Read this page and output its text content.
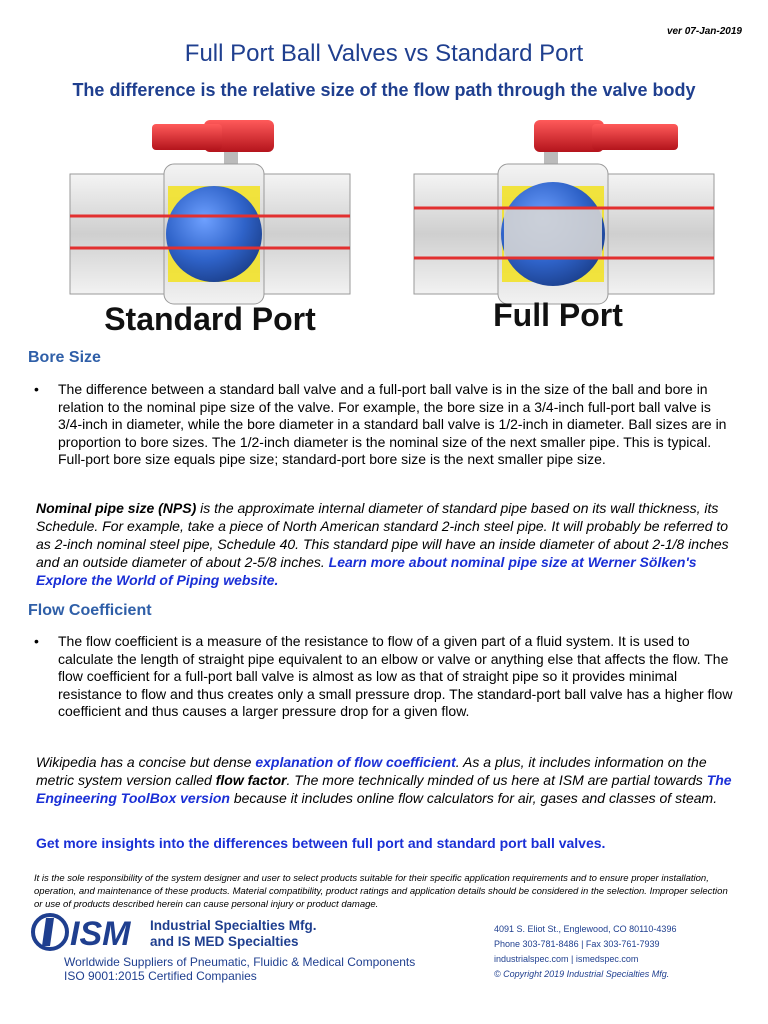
ver 07-Jan-2019
Full Port Ball Valves vs Standard Port
The difference is the relative size of the flow path through the valve body
Standard Port	Full Port
Bore Size
• The difference between a standard ball valve and a full-port ball valve is in the size of the ball and bore in relation to the nominal pipe size of the valve. For example, the bore size in a 3/4-inch full-port ball valve is 3/4-inch in diameter, while the bore diameter in a standard ball valve is 1/2-inch in diameter. Ball sizes are in proportion to bore sizes. The 1/2-inch diameter is the nominal size of the next smaller pipe. This is typical. Full-port bore size equals pipe size; standard-port bore size is the next smaller pipe size.
Nominal pipe size (NPS) is the approximate internal diameter of standard pipe based on its wall thickness, its Schedule. For example, take a piece of North American standard 2-inch steel pipe. It will probably be referred to as 2-inch nominal steel pipe, Schedule 40. This standard pipe will have an inside diameter of about 2-1/8 inches and an outside diameter of about 2-5/8 inches. Learn more about nominal pipe size at Werner Sölken's Explore the World of Piping website.
Flow Coefficient
• The flow coefficient is a measure of the resistance to flow of a given part of a fluid system. It is used to calculate the length of straight pipe equivalent to an elbow or valve or anything else that affects the flow. The flow coefficient for a full-port ball valve is almost as low as that of straight pipe so it provides minimal resistance to flow and thus creates only a small pressure drop. The standard-port ball valve has a higher flow coefficient and thus causes a larger pressure drop for a given flow.
Wikipedia has a concise but dense explanation of flow coefficient. As a plus, it includes information on the metric system version called flow factor. The more technically minded of us here at ISM are partial towards The Engineering ToolBox version because it includes online flow calculators for air, gases and classes of steam.
Get more insights into the differences between full port and standard port ball valves.
It is the sole responsibility of the system designer and user to select products suitable for their specific application requirements and to ensure proper installation, operation, and maintenance of these products. Material compatibility, product ratings and application details should be considered in the selection. Improper selection or use of products described herein can cause personal injury or product damage.
ISM Industrial Specialties Mfg.
and IS MED Specialties
Worldwide Suppliers of Pneumatic, Fluidic & Medical Components
ISO 9001:2015 Certified Companies
4091 S. Eliot St., Englewood, CO 80110-4396
Phone 303-781-8486 | Fax 303-761-7939
industrialspec.com | ismedspec.com
© Copyright 2019 Industrial Specialties Mfg.
